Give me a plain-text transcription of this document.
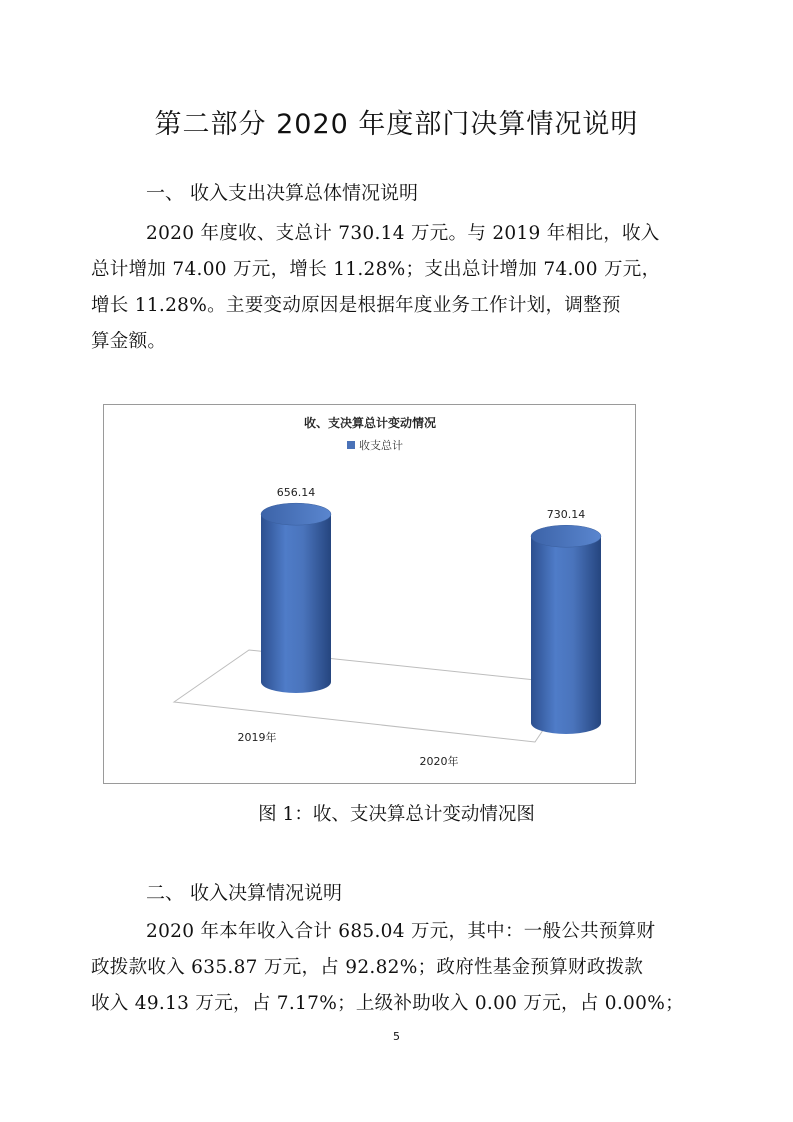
第二部分 2020 年度部门决算情况说明
一、 收入支出决算总体情况说明
2020 年度收、支总计 730.14 万元。与 2019 年相比，收入
总计增加 74.00 万元，增长 11.28%；支出总计增加 74.00 万元，
增长 11.28%。主要变动原因是根据年度业务工作计划，调整预
算金额。
收、支决算总计变动情况
收支总计
656.14
730.14
2019年
2020年
图 1：收、支决算总计变动情况图
二、 收入决算情况说明
2020 年本年收入合计 685.04 万元，其中：一般公共预算财
政拨款收入 635.87 万元，占 92.82%；政府性基金预算财政拨款
收入 49.13 万元，占 7.17%；上级补助收入 0.00 万元，占 0.00%；
5
